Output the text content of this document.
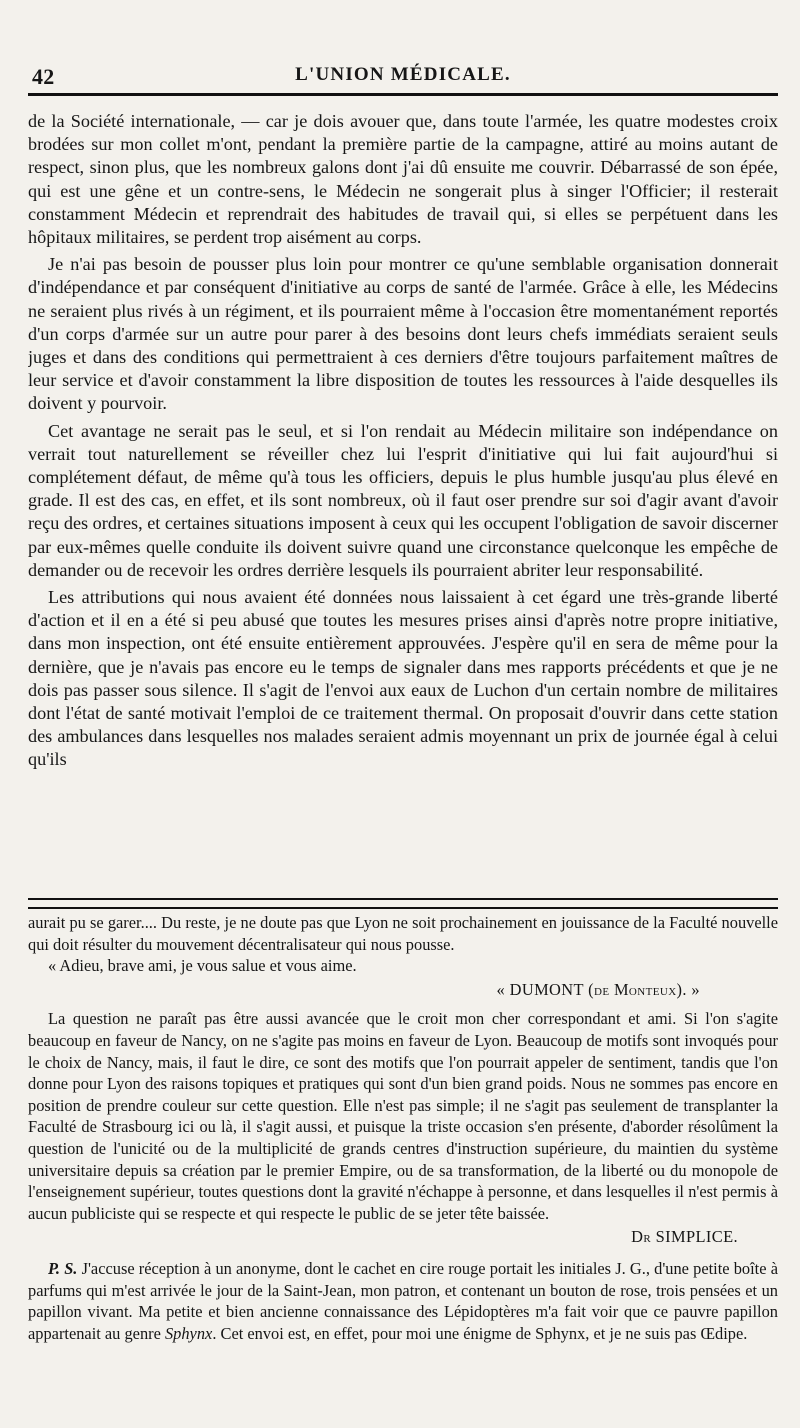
42	L'UNION MÉDICALE.

de la Société internationale, — car je dois avouer que, dans toute l'armée, les quatre modestes croix brodées sur mon collet m'ont, pendant la première partie de la campagne, attiré au moins autant de respect, sinon plus, que les nombreux galons dont j'ai dû ensuite me couvrir. Débarrassé de son épée, qui est une gêne et un contre-sens, le Médecin ne songerait plus à singer l'Officier; il resterait constamment Médecin et reprendrait des habitudes de travail qui, si elles se perpétuent dans les hôpitaux militaires, se perdent trop aisément au corps.

Je n'ai pas besoin de pousser plus loin pour montrer ce qu'une semblable organisation donnerait d'indépendance et par conséquent d'initiative au corps de santé de l'armée. Grâce à elle, les Médecins ne seraient plus rivés à un régiment, et ils pourraient même à l'occasion être momentanément reportés d'un corps d'armée sur un autre pour parer à des besoins dont leurs chefs immédiats seraient seuls juges et dans des conditions qui permettraient à ces derniers d'être toujours parfaitement maîtres de leur service et d'avoir constamment la libre disposition de toutes les ressources à l'aide desquelles ils doivent y pourvoir.

Cet avantage ne serait pas le seul, et si l'on rendait au Médecin militaire son indépendance on verrait tout naturellement se réveiller chez lui l'esprit d'initiative qui lui fait aujourd'hui si complétement défaut, de même qu'à tous les officiers, depuis le plus humble jusqu'au plus élevé en grade. Il est des cas, en effet, et ils sont nombreux, où il faut oser prendre sur soi d'agir avant d'avoir reçu des ordres, et certaines situations imposent à ceux qui les occupent l'obligation de savoir discerner par eux-mêmes quelle conduite ils doivent suivre quand une circonstance quelconque les empêche de demander ou de recevoir les ordres derrière lesquels ils pourraient abriter leur responsabilité.

Les attributions qui nous avaient été données nous laissaient à cet égard une très-grande liberté d'action et il en a été si peu abusé que toutes les mesures prises ainsi d'après notre propre initiative, dans mon inspection, ont été ensuite entièrement approuvées. J'espère qu'il en sera de même pour la dernière, que je n'avais pas encore eu le temps de signaler dans mes rapports précédents et que je ne dois pas passer sous silence. Il s'agit de l'envoi aux eaux de Luchon d'un certain nombre de militaires dont l'état de santé motivait l'emploi de ce traitement thermal. On proposait d'ouvrir dans cette station des ambulances dans lesquelles nos malades seraient admis moyennant un prix de journée égal à celui qu'ils

aurait pu se garer.... Du reste, je ne doute pas que Lyon ne soit prochainement en jouissance de la Faculté nouvelle qui doit résulter du mouvement décentralisateur qui nous pousse.

« Adieu, brave ami, je vous salue et vous aime.

« DUMONT (de Monteux). »

La question ne paraît pas être aussi avancée que le croit mon cher correspondant et ami. Si l'on s'agite beaucoup en faveur de Nancy, on ne s'agite pas moins en faveur de Lyon. Beaucoup de motifs sont invoqués pour le choix de Nancy, mais, il faut le dire, ce sont des motifs que l'on pourrait appeler de sentiment, tandis que l'on donne pour Lyon des raisons topiques et pratiques qui sont d'un bien grand poids. Nous ne sommes pas encore en position de prendre couleur sur cette question. Elle n'est pas simple; il ne s'agit pas seulement de transplanter la Faculté de Strasbourg ici ou là, il s'agit aussi, et puisque la triste occasion s'en présente, d'aborder résolûment la question de l'unicité ou de la multiplicité de grands centres d'instruction supérieure, du maintien du système universitaire depuis sa création par le premier Empire, ou de sa transformation, de la liberté ou du monopole de l'enseignement supérieur, toutes questions dont la gravité n'échappe à personne, et dans lesquelles il n'est permis à aucun publiciste qui se respecte et qui respecte le public de se jeter tête baissée.

Dr SIMPLICE.

P. S. J'accuse réception à un anonyme, dont le cachet en cire rouge portait les initiales J. G., d'une petite boîte à parfums qui m'est arrivée le jour de la Saint-Jean, mon patron, et contenant un bouton de rose, trois pensées et un papillon vivant. Ma petite et bien ancienne connaissance des Lépidoptères m'a fait voir que ce pauvre papillon appartenait au genre Sphynx. Cet envoi est, en effet, pour moi une énigme de Sphynx, et je ne suis pas Œdipe.
